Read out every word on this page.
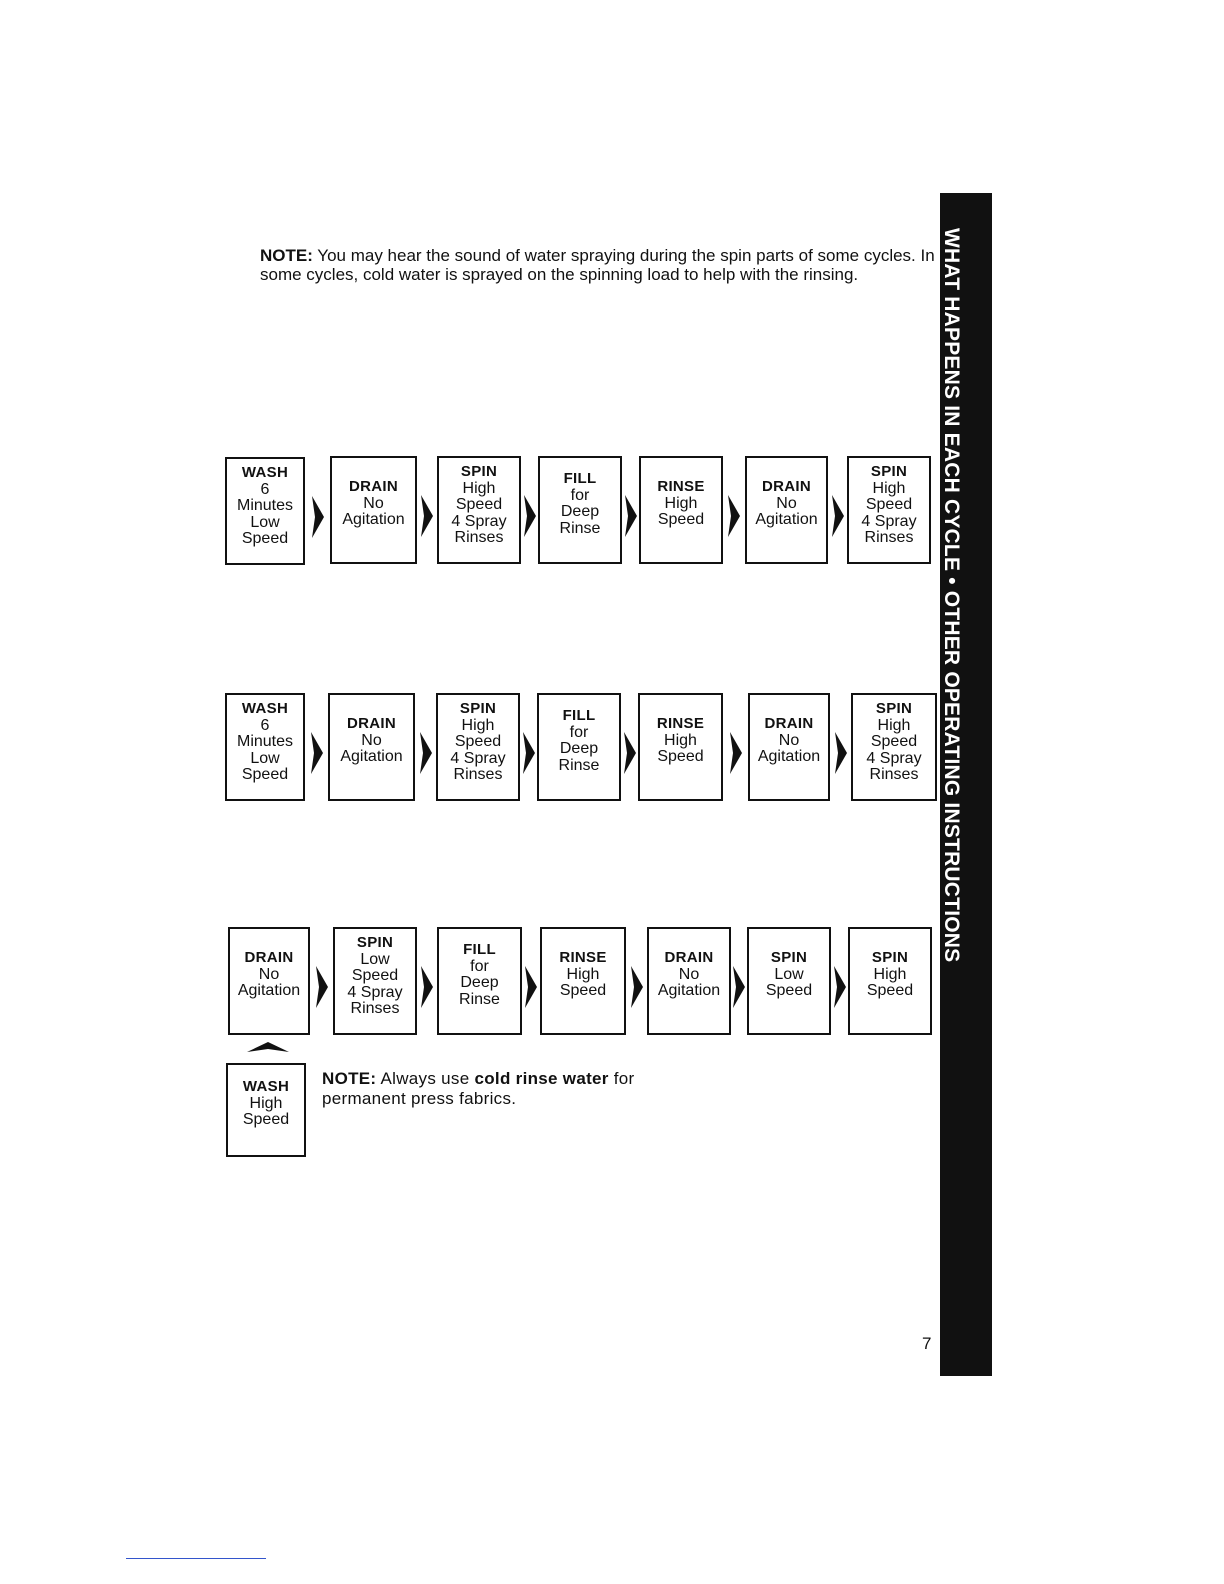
NOTE: You may hear the sound of water spraying during the spin parts of some cycles. In some cycles, cold water is sprayed on the spinning load to help with the rinsing.

WASH
6
Minutes
Low
Speed
DRAIN
No
Agitation
SPIN
High
Speed
4 Spray
Rinses
FILL
for
Deep
Rinse
RINSE
High
Speed
DRAIN
No
Agitation
SPIN
High
Speed
4 Spray
Rinses
WASH
6
Minutes
Low
Speed
DRAIN
No
Agitation
SPIN
High
Speed
4 Spray
Rinses
FILL
for
Deep
Rinse
RINSE
High
Speed
DRAIN
No
Agitation
SPIN
High
Speed
4 Spray
Rinses
DRAIN
No
Agitation
SPIN
Low
Speed
4 Spray
Rinses
FILL
for
Deep
Rinse
RINSE
High
Speed
DRAIN
No
Agitation
SPIN
Low
Speed
SPIN
High
Speed
WASH
High
Speed

NOTE: Always use cold rinse water for permanent press fabrics.

WHAT HAPPENS IN EACH CYCLE • OTHER OPERATING INSTRUCTIONS
7
